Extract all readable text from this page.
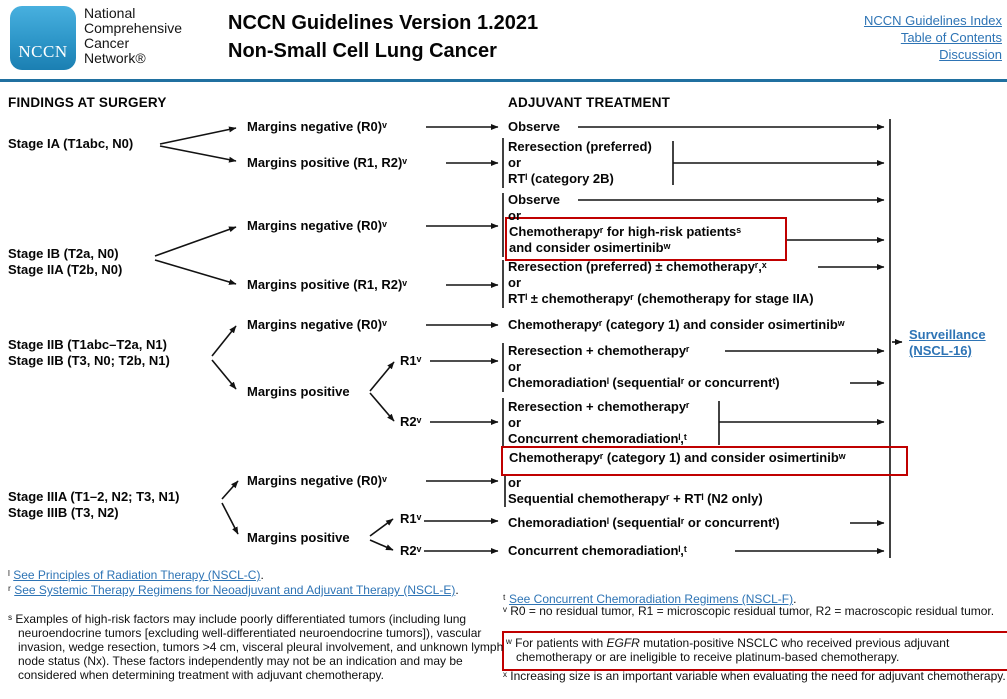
NCCN
National
Comprehensive
Cancer
Network®
NCCN Guidelines Version 1.2021
Non-Small Cell Lung Cancer
NCCN Guidelines Index
Table of Contents
Discussion
FINDINGS AT SURGERY	ADJUVANT TREATMENT
Stage IA (T1abc, N0)
Stage IB (T2a, N0)
Stage IIA (T2b, N0)
Stage IIB (T1abc–T2a, N1)
Stage IIB (T3, N0; T2b, N1)
Stage IIIA (T1–2, N2; T3, N1)
Stage IIIB (T3, N2)
Margins negative (R0)ᵛ
Margins positive (R1, R2)ᵛ
Margins negative (R0)ᵛ
Margins positive (R1, R2)ᵛ
Margins negative (R0)ᵛ
Margins positive
R1ᵛ
R2ᵛ
Margins negative (R0)ᵛ
Margins positive
R1ᵛ
R2ᵛ
Observe
Reresection (preferred)
or
RTˡ (category 2B)
Observe
or
Chemotherapyʳ for high-risk patientsˢ
and consider osimertinibʷ
Reresection (preferred) ± chemotherapyʳ,ˣ
or
RTˡ ± chemotherapyʳ (chemotherapy for stage IIA)
Chemotherapyʳ (category 1) and consider osimertinibʷ
Reresection + chemotherapyʳ
or
Chemoradiationˡ (sequentialʳ or concurrentᵗ)
Reresection + chemotherapyʳ
or
Concurrent chemoradiationˡ,ᵗ
Chemotherapyʳ (category 1) and consider osimertinibʷ
or
Sequential chemotherapyʳ + RTˡ (N2 only)
Chemoradiationˡ (sequentialʳ or concurrentᵗ)
Concurrent chemoradiationˡ,ᵗ
Surveillance
(NSCL-16)
ˡ See Principles of Radiation Therapy (NSCL-C).
ʳ See Systemic Therapy Regimens for Neoadjuvant and Adjuvant Therapy (NSCL-E).
ˢ Examples of high-risk factors may include poorly differentiated tumors (including lung neuroendocrine tumors [excluding well-differentiated neuroendocrine tumors]), vascular invasion, wedge resection, tumors >4 cm, visceral pleural involvement, and unknown lymph node status (Nx). These factors independently may not be an indication and may be considered when determining treatment with adjuvant chemotherapy.
ᵗ See Concurrent Chemoradiation Regimens (NSCL-F).
ᵛ R0 = no residual tumor, R1 = microscopic residual tumor, R2 = macroscopic residual tumor.
ʷ For patients with EGFR mutation-positive NSCLC who received previous adjuvant chemotherapy or are ineligible to receive platinum-based chemotherapy.
ˣ Increasing size is an important variable when evaluating the need for adjuvant chemotherapy.
